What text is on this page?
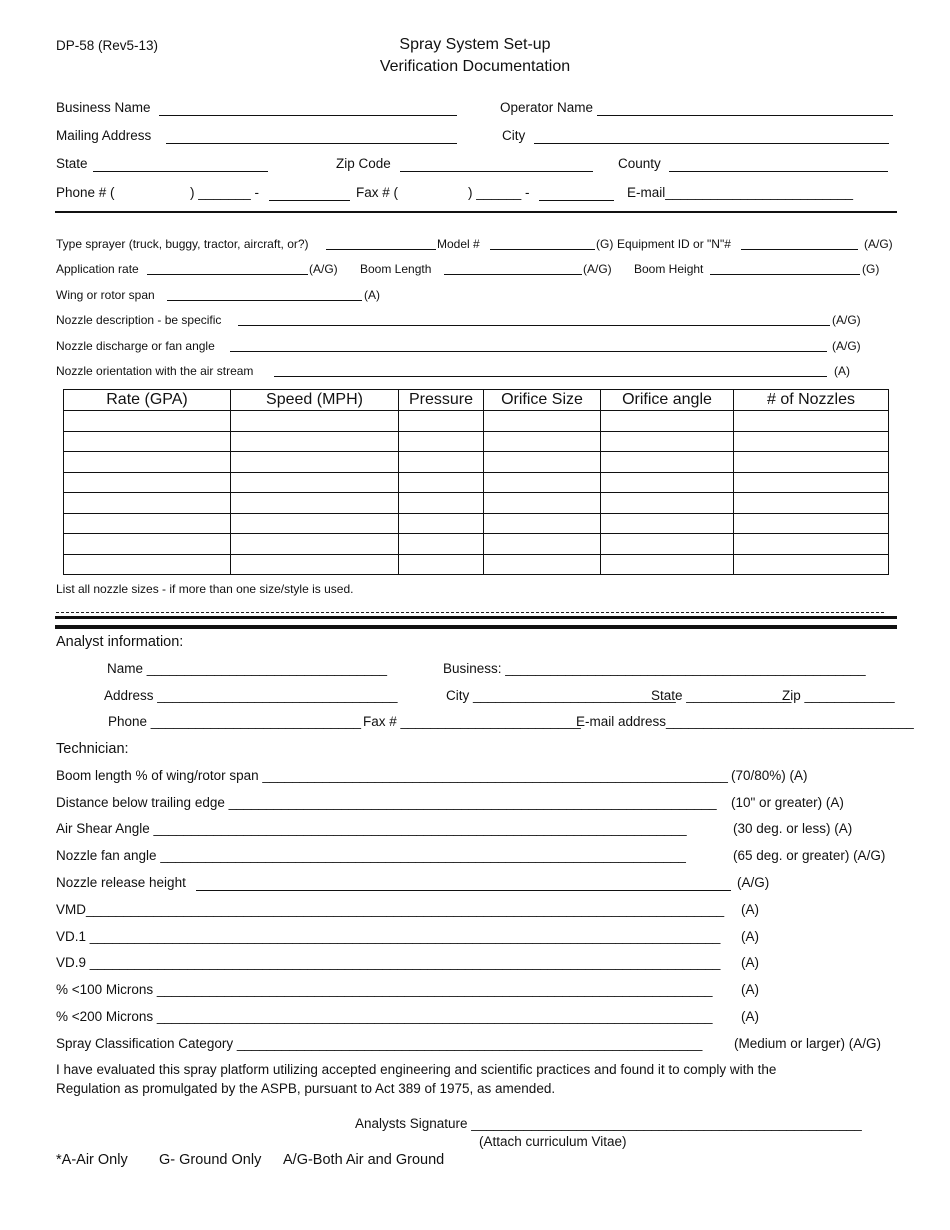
DP-58 (Rev5-13)	Spray System Set-up
Verification Documentation
Business Name	Operator Name
Mailing Address	City
State	Zip Code	County
Phone # (	) _______ -	Fax # (	) ______ -	E-mail_________________________
Type sprayer (truck, buggy, tractor, aircraft, or?)	Model #	(G) Equipment ID or "N"#	(A/G)
Application rate	(A/G) Boom Length	(A/G) Boom Height	(G)
Wing or rotor span	(A)
Nozzle description - be specific	(A/G)
Nozzle discharge or fan angle	(A/G)
Nozzle orientation with the air stream	(A)
Rate (GPA)	Speed (MPH)	Pressure	Orifice Size	Orifice angle	# of Nozzles

List all nozzle sizes - if more than one size/style is used.
Analyst information:
Name ________________________________	Business: ________________________________________________
Address ________________________________	City ___________________________
State ______________
Zip ____________
Phone ____________________________ Fax # ________________________
E-mail address_________________________________
Technician:
Boom length % of wing/rotor span ______________________________________________________________ (70/80%) (A)
Distance below trailing edge _________________________________________________________________ (10" or greater) (A)
Air Shear Angle _______________________________________________________________________	(30 deg. or less) (A)
Nozzle fan angle ______________________________________________________________________	(65 deg. or greater) (A/G)
Nozzle release height	(A/G)
VMD_____________________________________________________________________________________ (A)
VD.1 ____________________________________________________________________________________ (A)
VD.9 ____________________________________________________________________________________ (A)
% <100 Microns __________________________________________________________________________ (A)
% <200 Microns __________________________________________________________________________ (A)
Spray Classification Category ______________________________________________________________ (Medium or larger) (A/G)
I have evaluated this spray platform utilizing accepted engineering and scientific practices and found it to comply with the
Regulation as promulgated by the ASPB, pursuant to Act 389 of 1975, as amended.
Analysts Signature ____________________________________________________
(Attach curriculum Vitae)
*A-Air Only G- Ground Only A/G-Both Air and Ground
